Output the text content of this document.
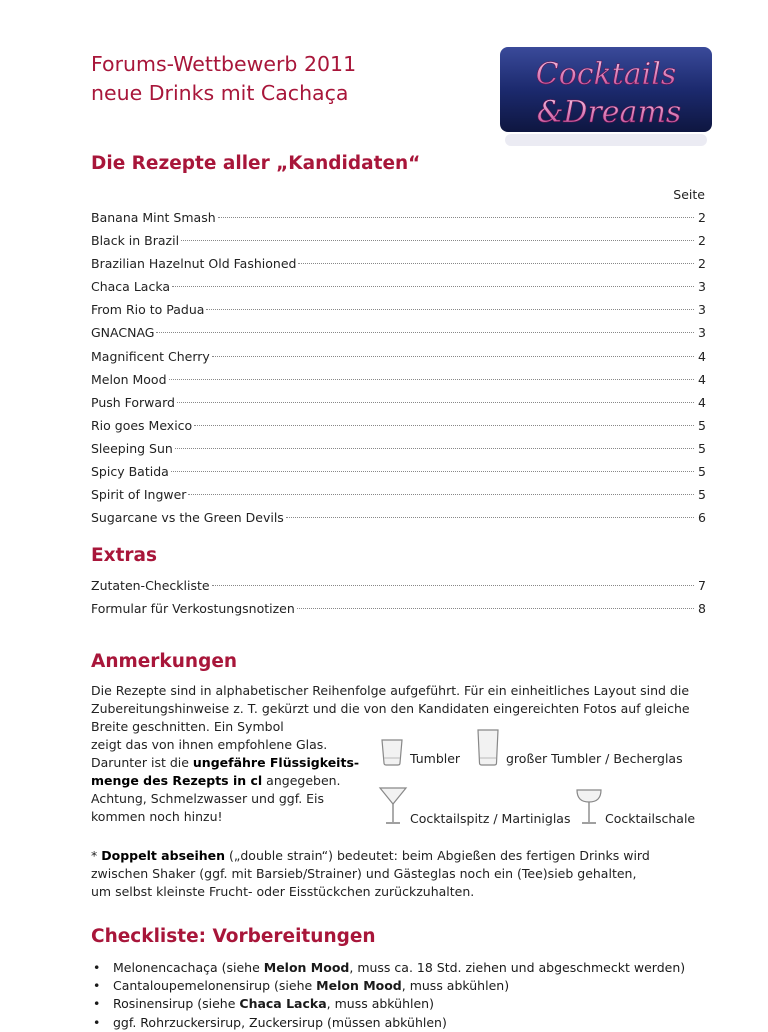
Forums-Wettbewerb 2011
neue Drinks mit Cachaça
Cocktails
&Dreams
Die Rezepte aller „Kandidaten“
Seite
Banana Mint Smash	2
Black in Brazil	2
Brazilian Hazelnut Old Fashioned	2
Chaca Lacka	3
From Rio to Padua	3
GNACNAG	3
Magnificent Cherry	4
Melon Mood	4
Push Forward	4
Rio goes Mexico	5
Sleeping Sun	5
Spicy Batida	5
Spirit of Ingwer	5
Sugarcane vs the Green Devils	6
Extras
Zutaten-Checkliste	7
Formular für Verkostungsnotizen	8
Anmerkungen
Die Rezepte sind in alphabetischer Reihenfolge aufgeführt. Für ein einheitliches Layout sind die
Zubereitungshinweise z. T. gekürzt und die von den Kandidaten eingereichten Fotos auf gleiche
Breite geschnitten. Ein Symbol
zeigt das von ihnen empfohlene Glas.
Darunter ist die ungefähre Flüssigkeits-
menge des Rezepts in cl angegeben.
Achtung, Schmelzwasser und ggf. Eis
kommen noch hinzu!
Tumbler	großer Tumbler / Becherglas
Cocktailspitz / Martiniglas	Cocktailschale
* Doppelt abseihen („double strain“) bedeutet: beim Abgießen des fertigen Drinks wird
zwischen Shaker (ggf. mit Barsieb/Strainer) und Gästeglas noch ein (Tee)sieb gehalten,
um selbst kleinste Frucht- oder Eisstückchen zurückzuhalten.
Checkliste: Vorbereitungen
• Melonencachaça (siehe Melon Mood, muss ca. 18 Std. ziehen und abgeschmeckt werden)
• Cantaloupemelonensirup (siehe Melon Mood, muss abkühlen)
• Rosinensirup (siehe Chaca Lacka, muss abkühlen)
• ggf. Rohrzuckersirup, Zuckersirup (müssen abkühlen)
